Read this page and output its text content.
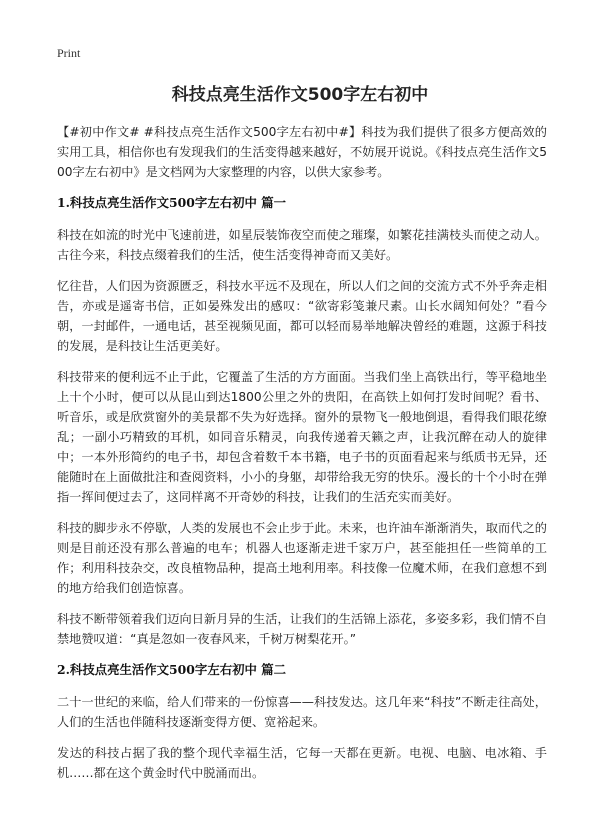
Print
科技点亮生活作文500字左右初中

【#初中作文# #科技点亮生活作文500字左右初中#】科技为我们提供了很多方便高效的实用工具，相信你也有发现我们的生活变得越来越好，不妨展开说说。《科技点亮生活作文500字左右初中》是文档网为大家整理的内容，以供大家参考。

1.科技点亮生活作文500字左右初中 篇一

科技在如流的时光中飞速前进，如星辰装饰夜空而使之璀璨，如繁花挂满枝头而使之动人。古往今来，科技点缀着我们的生活，使生活变得神奇而又美好。

忆往昔，人们因为资源匮乏，科技水平远不及现在，所以人们之间的交流方式不外乎奔走相告，亦或是遥寄书信，正如晏殊发出的感叹：“欲寄彩笺兼尺素。山长水阔知何处？”看今朝，一封邮件，一通电话，甚至视频见面，都可以轻而易举地解决曾经的难题，这源于科技的发展，是科技让生活更美好。

科技带来的便利远不止于此，它覆盖了生活的方方面面。当我们坐上高铁出行，等平稳地坐上十个小时，便可以从昆山到达1800公里之外的贵阳，在高铁上如何打发时间呢？看书、听音乐，或是欣赏窗外的美景都不失为好选择。窗外的景物飞一般地倒退，看得我们眼花缭乱；一副小巧精致的耳机，如同音乐精灵，向我传递着天籁之声，让我沉醉在动人的旋律中；一本外形简约的电子书，却包含着数千本书籍，电子书的页面看起来与纸质书无异，还能随时在上面做批注和查阅资料，小小的身躯，却带给我无穷的快乐。漫长的十个小时在弹指一挥间便过去了，这同样离不开奇妙的科技，让我们的生活充实而美好。

科技的脚步永不停歇，人类的发展也不会止步于此。未来，也许油车渐渐消失，取而代之的则是目前还没有那么普遍的电车；机器人也逐渐走进千家万户，甚至能担任一些简单的工作；利用科技杂交，改良植物品种，提高土地利用率。科技像一位魔术师，在我们意想不到的地方给我们创造惊喜。

科技不断带领着我们迈向日新月异的生活，让我们的生活锦上添花，多姿多彩，我们情不自禁地赞叹道：“真是忽如一夜春风来，千树万树梨花开。”

2.科技点亮生活作文500字左右初中 篇二

二十一世纪的来临，给人们带来的一份惊喜——科技发达。这几年来“科技”不断走往高处，人们的生活也伴随科技逐渐变得方便、宽裕起来。

发达的科技占据了我的整个现代幸福生活，它每一天都在更新。电视、电脑、电冰箱、手机……都在这个黄金时代中脱涌而出。
